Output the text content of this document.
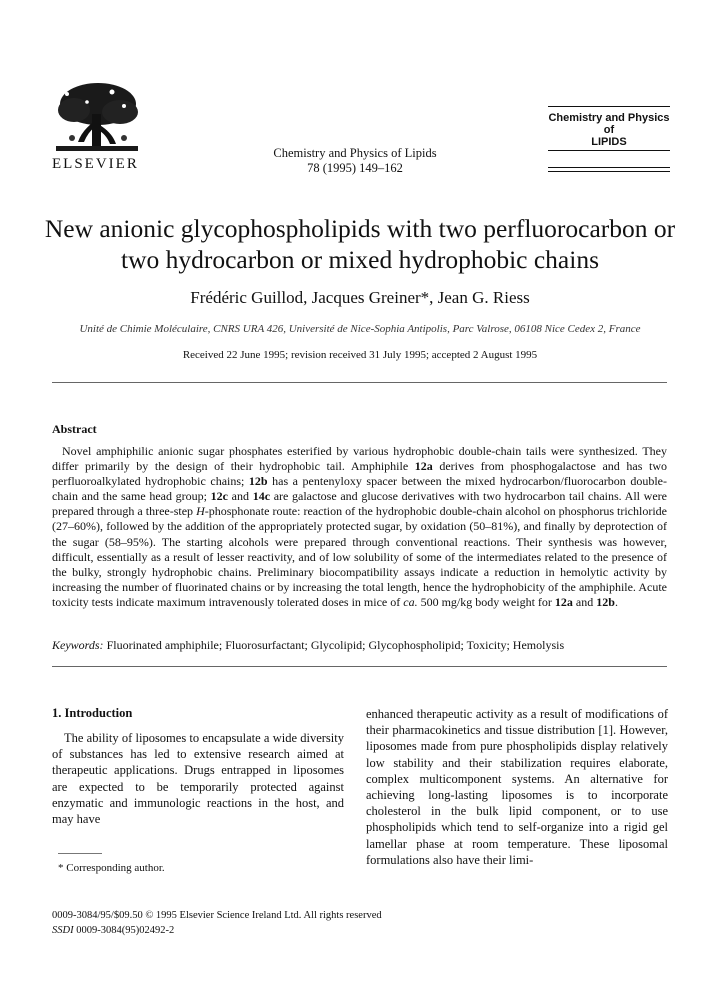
ELSEVIER
Chemistry and Physics of Lipids
78 (1995) 149–162
Chemistry and Physics
of
LIPIDS
New anionic glycophospholipids with two perfluorocarbon or
two hydrocarbon or mixed hydrophobic chains
Frédéric Guillod, Jacques Greiner*, Jean G. Riess
Unité de Chimie Moléculaire, CNRS URA 426, Université de Nice-Sophia Antipolis, Parc Valrose, 06108 Nice Cedex 2, France
Received 22 June 1995; revision received 31 July 1995; accepted 2 August 1995
Abstract
Novel amphiphilic anionic sugar phosphates esterified by various hydrophobic double-chain tails were synthesized. They differ primarily by the design of their hydrophobic tail. Amphiphile 12a derives from phosphogalactose and has two perfluoroalkylated hydrophobic chains; 12b has a pentenyloxy spacer between the mixed hydrocarbon/fluorocarbon double-chain and the same head group; 12c and 14c are galactose and glucose derivatives with two hydrocarbon tail chains. All were prepared through a three-step H-phosphonate route: reaction of the hydrophobic double-chain alcohol on phosphorus trichloride (27–60%), followed by the addition of the appropriately protected sugar, by oxidation (50–81%), and finally by deprotection of the sugar (58–95%). The starting alcohols were prepared through conventional reactions. Their synthesis was however, difficult, essentially as a result of lesser reactivity, and of low solubility of some of the intermediates related to the presence of the bulky, strongly hydrophobic chains. Preliminary biocompatibility assays indicate a reduction in hemolytic activity by increasing the number of fluorinated chains or by increasing the total length, hence the hydrophobicity of the amphiphile. Acute toxicity tests indicate maximum intravenously tolerated doses in mice of ca. 500 mg/kg body weight for 12a and 12b.
Keywords: Fluorinated amphiphile; Fluorosurfactant; Glycolipid; Glycophospholipid; Toxicity; Hemolysis
1. Introduction
The ability of liposomes to encapsulate a wide diversity of substances has led to extensive research aimed at therapeutic applications. Drugs entrapped in liposomes are expected to be temporarily protected against enzymatic and immunologic reactions in the host, and may have
enhanced therapeutic activity as a result of modifications of their pharmacokinetics and tissue distribution [1]. However, liposomes made from pure phospholipids display relatively low stability and their stabilization requires elaborate, complex multicomponent systems. An alternative for achieving long-lasting liposomes is to incorporate cholesterol in the bulk lipid component, or to use phospholipids which tend to self-organize into a rigid gel lamellar phase at room temperature. These liposomal formulations also have their limi-
* Corresponding author.
0009-3084/95/$09.50 © 1995 Elsevier Science Ireland Ltd. All rights reserved
SSDI 0009-3084(95)02492-2
